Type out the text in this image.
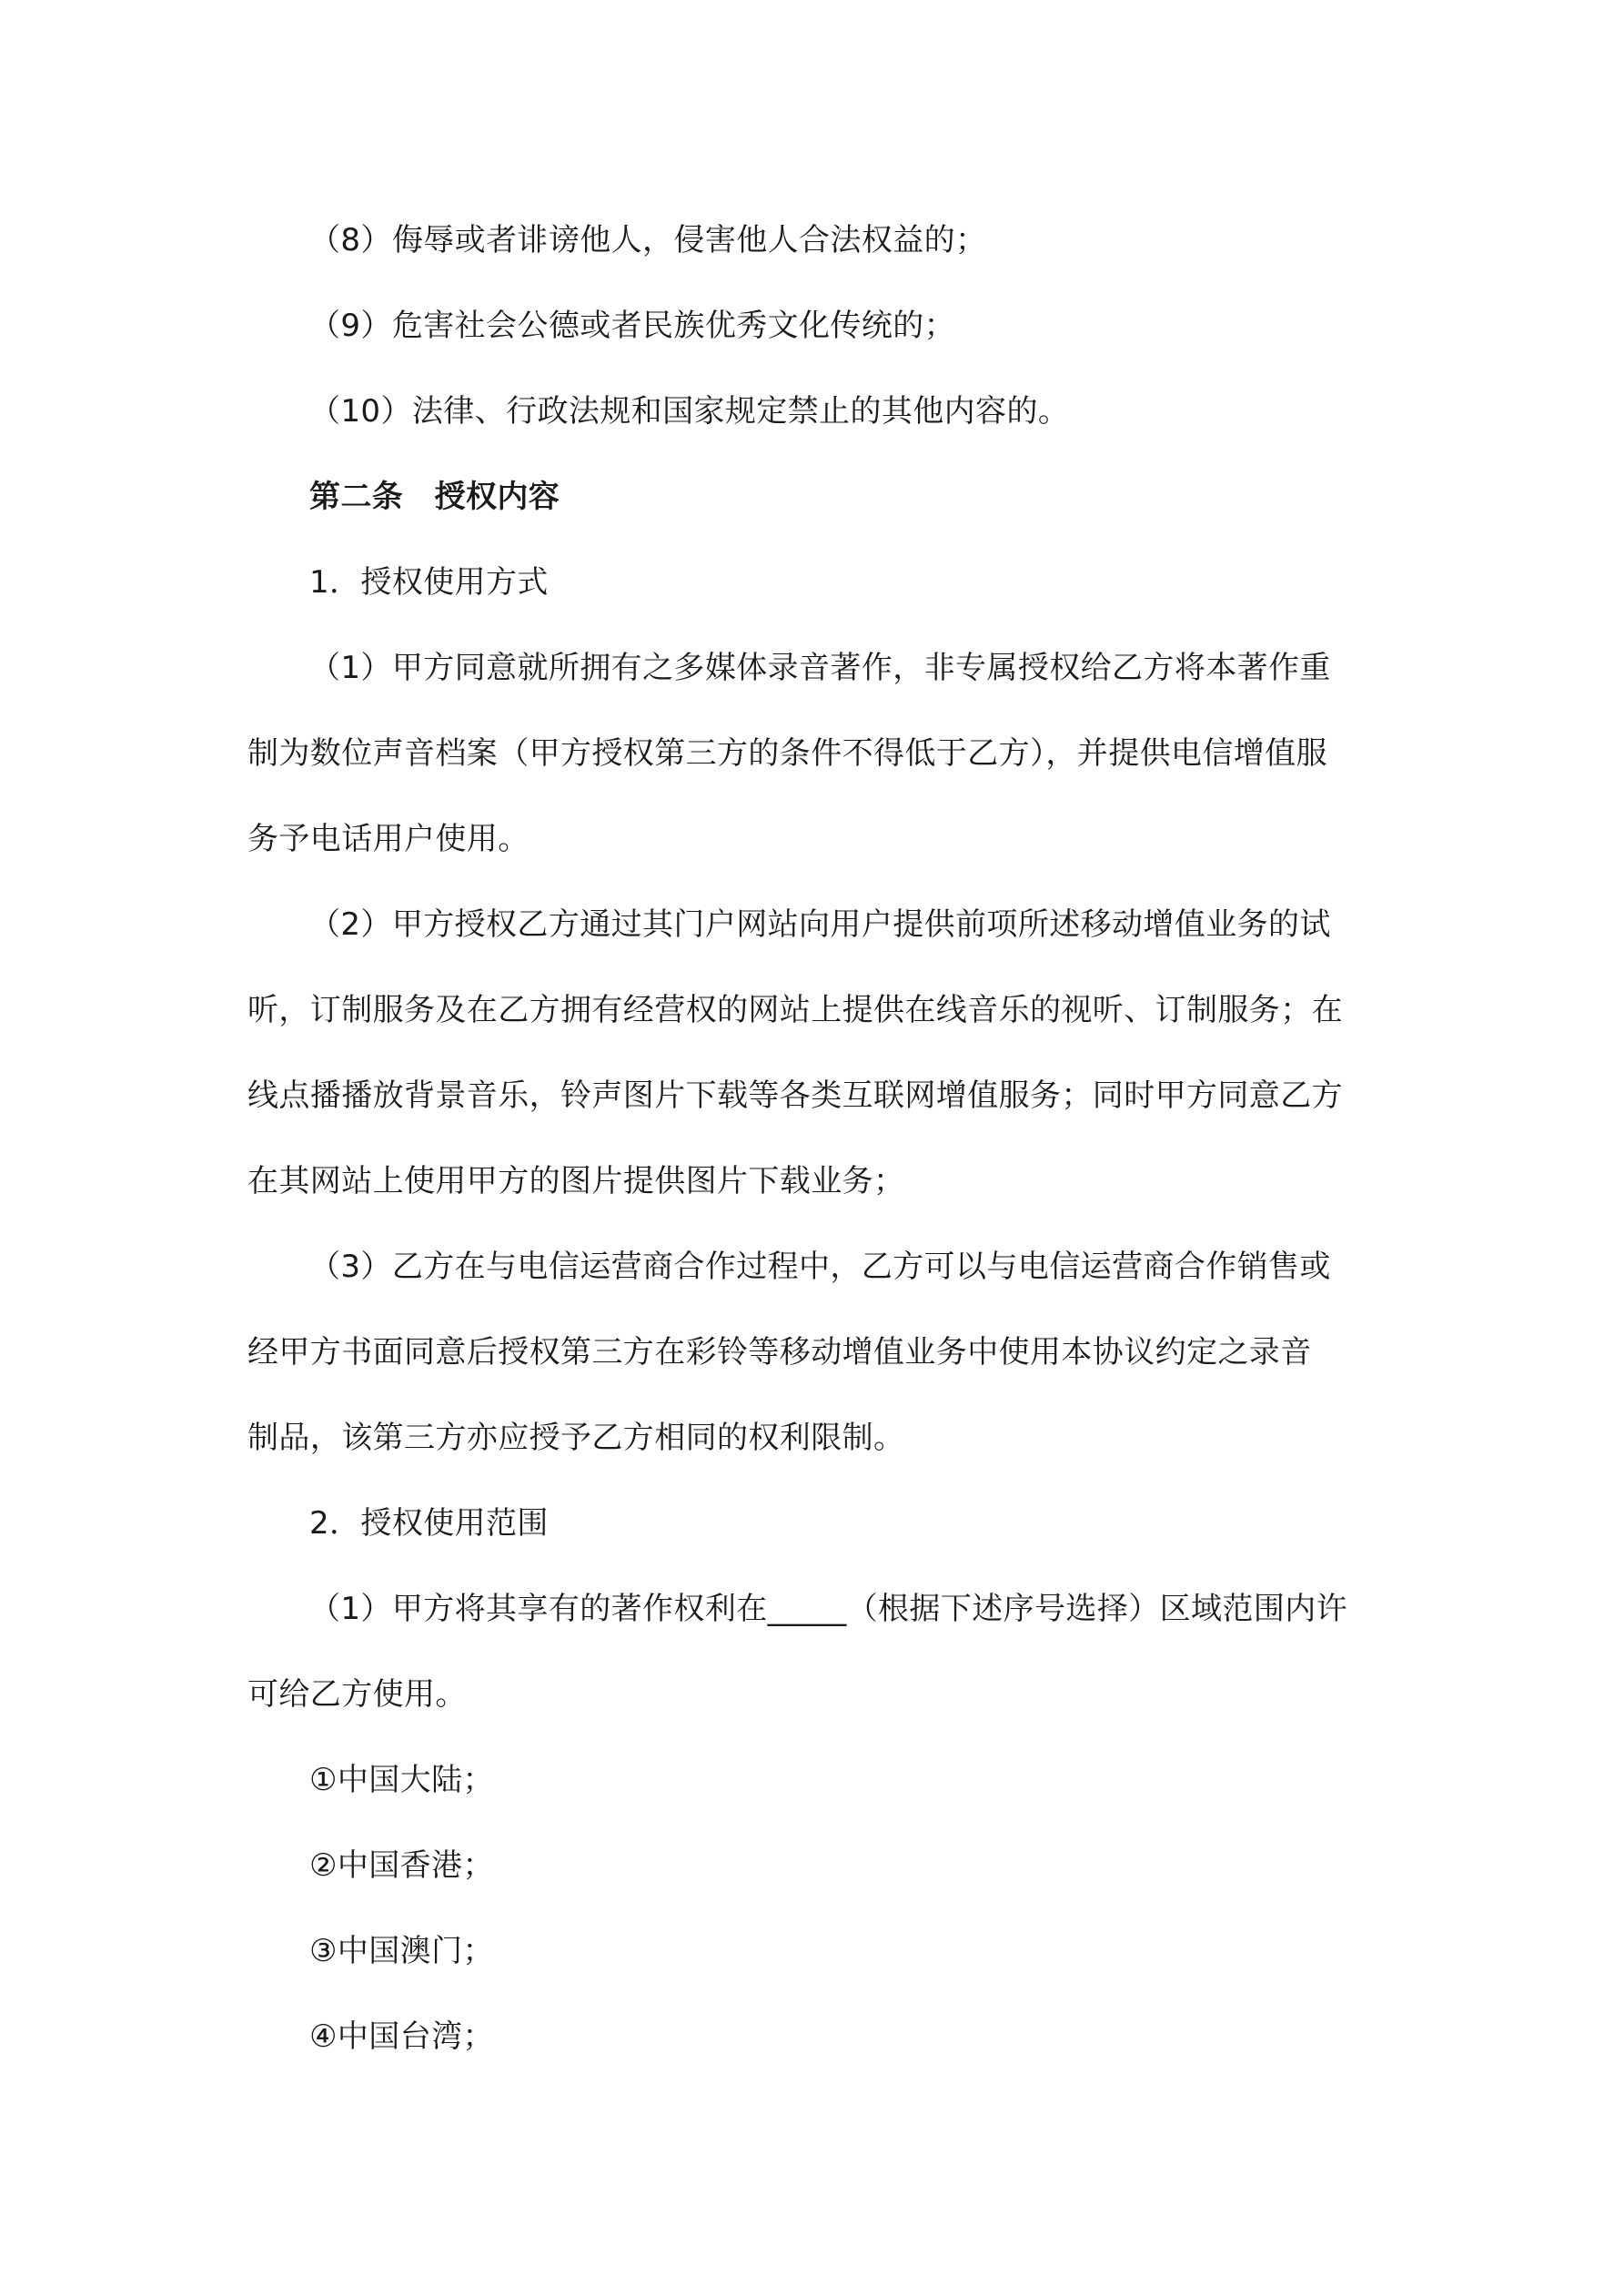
（8）侮辱或者诽谤他人，侵害他人合法权益的；
（9）危害社会公德或者民族优秀文化传统的；
（10）法律、行政法规和国家规定禁止的其他内容的。
第二条　授权内容
1．授权使用方式
（1）甲方同意就所拥有之多媒体录音著作，非专属授权给乙方将本著作重
制为数位声音档案（甲方授权第三方的条件不得低于乙方），并提供电信增值服
务予电话用户使用。
（2）甲方授权乙方通过其门户网站向用户提供前项所述移动增值业务的试
听，订制服务及在乙方拥有经营权的网站上提供在线音乐的视听、订制服务；在
线点播播放背景音乐，铃声图片下载等各类互联网增值服务；同时甲方同意乙方
在其网站上使用甲方的图片提供图片下载业务；
（3）乙方在与电信运营商合作过程中，乙方可以与电信运营商合作销售或
经甲方书面同意后授权第三方在彩铃等移动增值业务中使用本协议约定之录音
制品，该第三方亦应授予乙方相同的权利限制。
2．授权使用范围
（1）甲方将其享有的著作权利在_____（根据下述序号选择）区域范围内许
可给乙方使用。
①中国大陆；
②中国香港；
③中国澳门；
④中国台湾；
